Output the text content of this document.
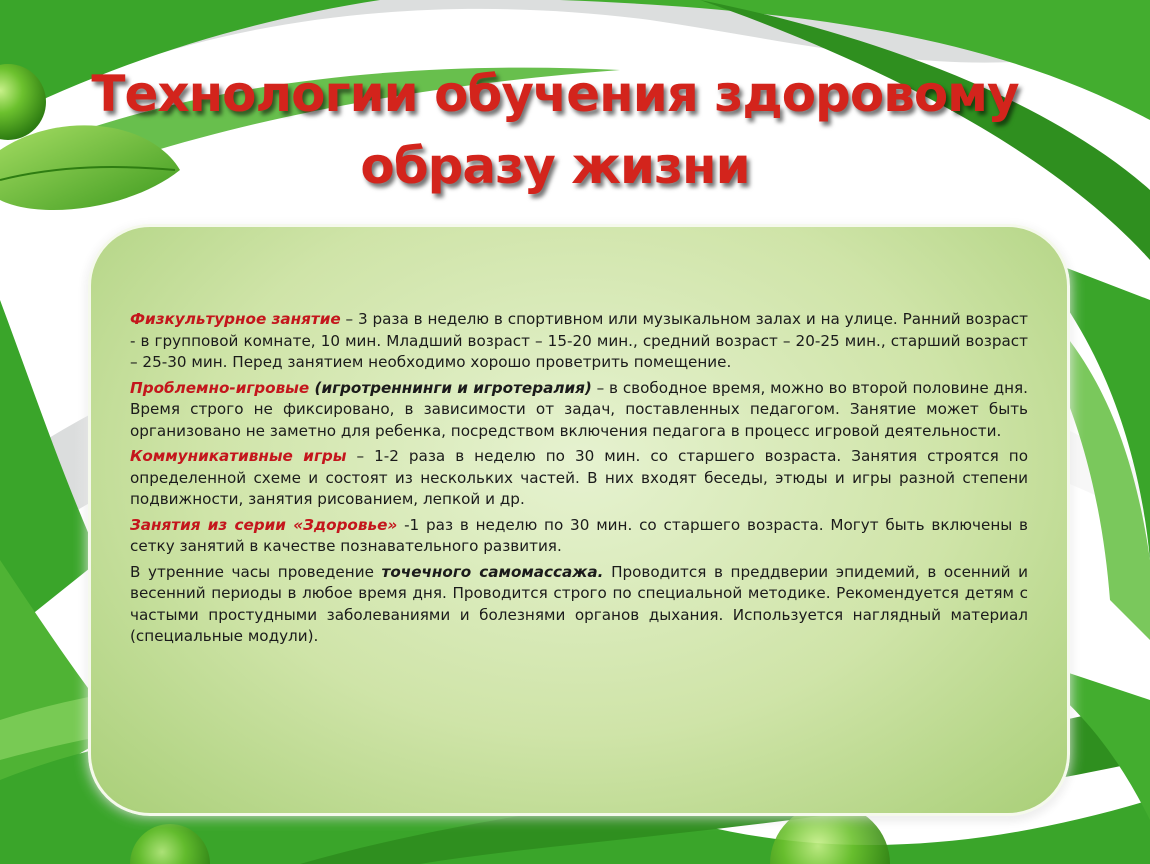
Технологии обучения здоровому
образу жизни

Физкультурное занятие – 3 раза в неделю в спортивном или музыкальном залах и на улице. Ранний возраст - в групповой комнате, 10 мин. Младший возраст – 15-20 мин., средний возраст – 20-25 мин., старший возраст – 25-30 мин. Перед занятием необходимо хорошо проветрить помещение.

Проблемно-игровые (игротреннинги и игротералия) – в свободное время, можно во второй половине дня. Время строго не фиксировано, в зависимости от задач, поставленных педагогом. Занятие может быть организовано не заметно для ребенка, посредством включения педагога в процесс игровой деятельности.

Коммуникативные игры – 1-2 раза в неделю по 30 мин. со старшего возраста. Занятия строятся по определенной схеме и состоят из нескольких частей. В них входят беседы, этюды и игры разной степени подвижности, занятия рисованием, лепкой и др.

Занятия из серии «Здоровье» -1 раз в неделю по 30 мин. со старшего возраста. Могут быть включены в сетку занятий в качестве познавательного развития.

В утренние часы проведение точечного самомассажа. Проводится в преддверии эпидемий, в осенний и весенний периоды в любое время дня. Проводится строго по специальной методике. Рекомендуется детям с частыми простудными заболеваниями и болезнями органов дыхания. Используется наглядный материал (специальные модули).
